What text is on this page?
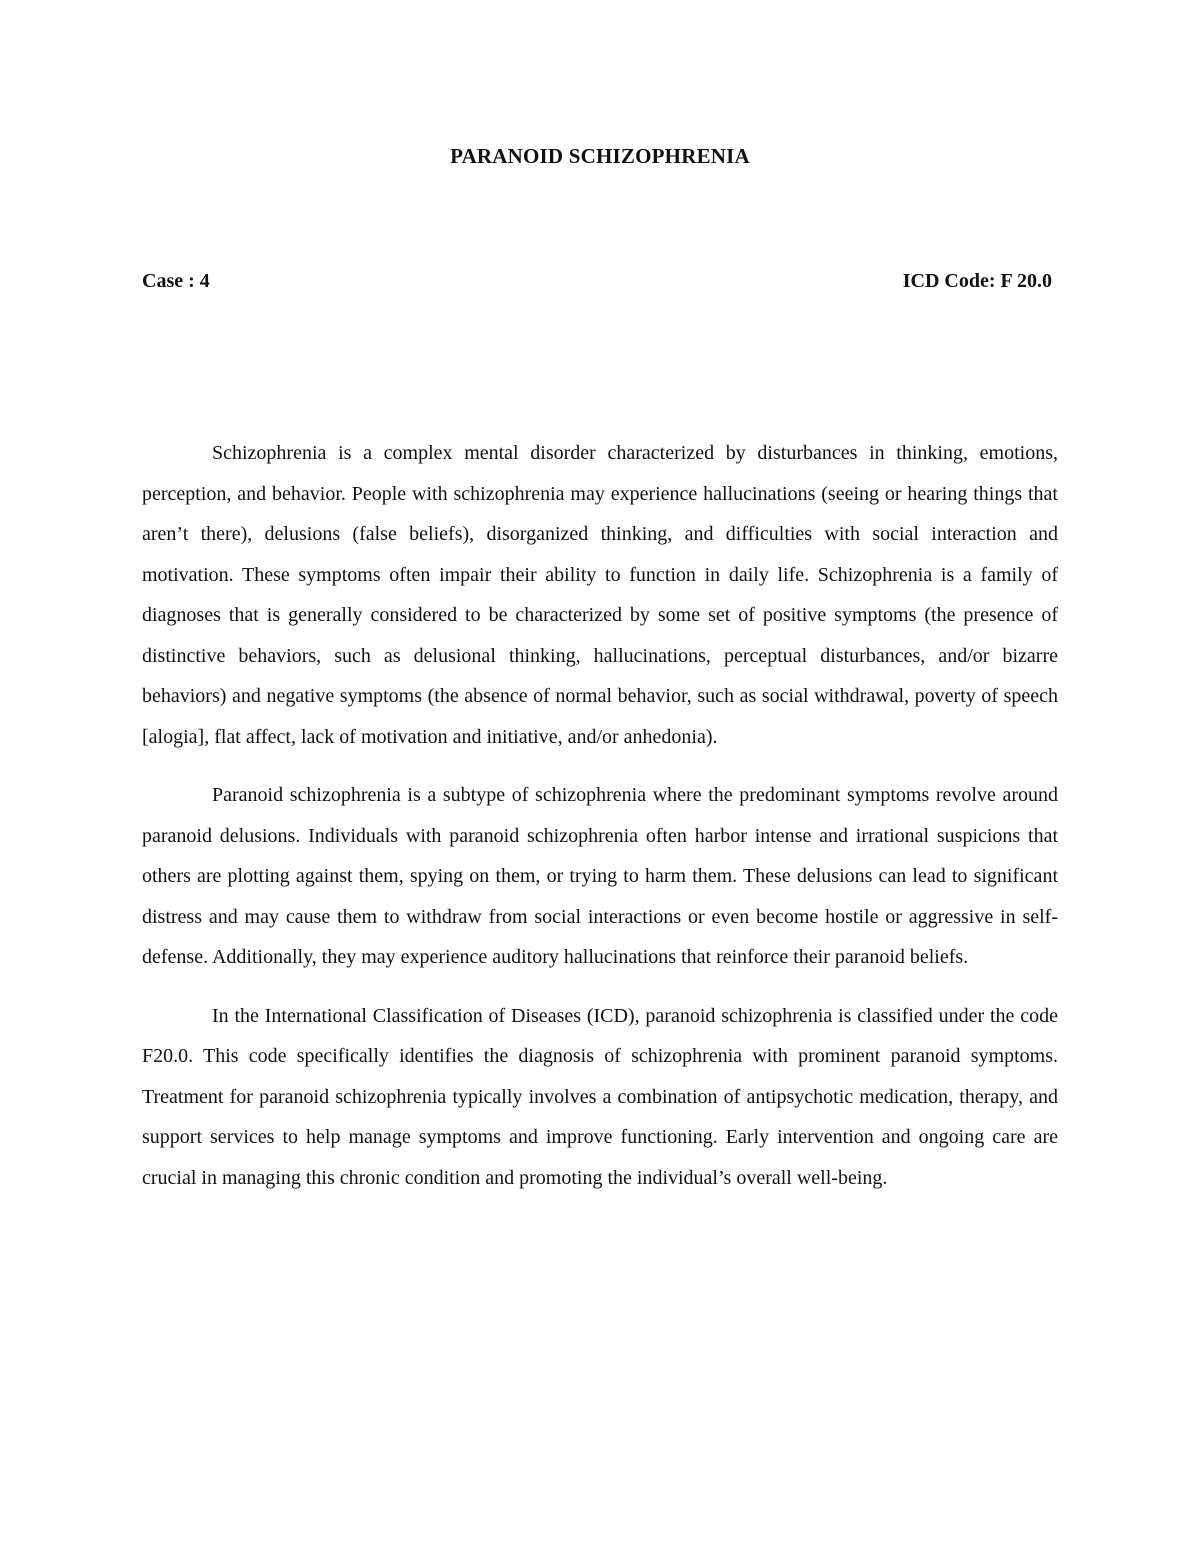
PARANOID SCHIZOPHRENIA
Case : 4	ICD Code: F 20.0

Schizophrenia is a complex mental disorder characterized by disturbances in thinking, emotions, perception, and behavior. People with schizophrenia may experience hallucinations (seeing or hearing things that aren’t there), delusions (false beliefs), disorganized thinking, and difficulties with social interaction and motivation. These symptoms often impair their ability to function in daily life. Schizophrenia is a family of diagnoses that is generally considered to be characterized by some set of positive symptoms (the presence of distinctive behaviors, such as delusional thinking, hallucinations, perceptual disturbances, and/or bizarre behaviors) and negative symptoms (the absence of normal behavior, such as social withdrawal, poverty of speech [alogia], flat affect, lack of motivation and initiative, and/or anhedonia).

Paranoid schizophrenia is a subtype of schizophrenia where the predominant symptoms revolve around paranoid delusions. Individuals with paranoid schizophrenia often harbor intense and irrational suspicions that others are plotting against them, spying on them, or trying to harm them. These delusions can lead to significant distress and may cause them to withdraw from social interactions or even become hostile or aggressive in self-defense. Additionally, they may experience auditory hallucinations that reinforce their paranoid beliefs.

In the International Classification of Diseases (ICD), paranoid schizophrenia is classified under the code F20.0. This code specifically identifies the diagnosis of schizophrenia with prominent paranoid symptoms. Treatment for paranoid schizophrenia typically involves a combination of antipsychotic medication, therapy, and support services to help manage symptoms and improve functioning. Early intervention and ongoing care are crucial in managing this chronic condition and promoting the individual’s overall well-being.
